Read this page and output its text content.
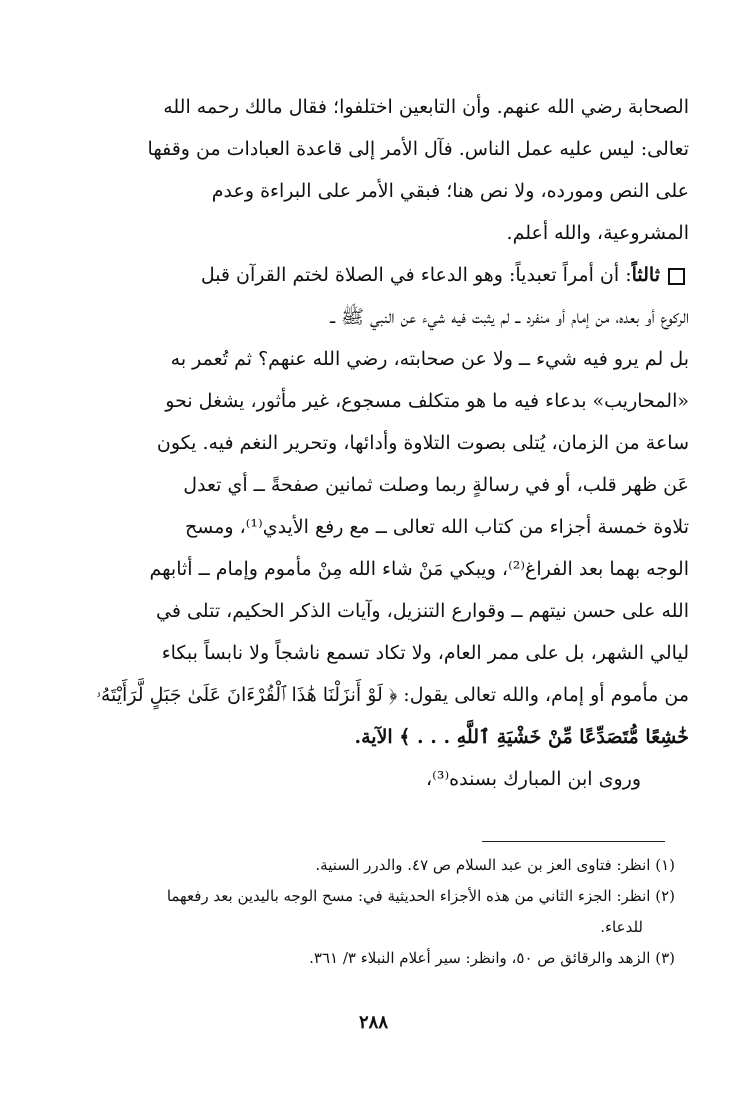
الصحابة رضي الله عنهم. وأن التابعين اختلفوا؛ فقال مالك رحمه الله
تعالى: ليس عليه عمل الناس. فآل الأمر إلى قاعدة العبادات من وقفها
على النص ومورده، ولا نص هنا؛ فبقي الأمر على البراءة وعدم
المشروعية، والله أعلم.
ثالثاً: أن أمراً تعبدياً: وهو الدعاء في الصلاة لختم القرآن قبل
الركوع أو بعده، من إمام أو منفرد ــ لم يثبت فيه شيء عن النبي ﷺ ــ
بل لم يرو فيه شيء ــ ولا عن صحابته، رضي الله عنهم؟ ثم تُعمر به
«المحاريب» بدعاء فيه ما هو متكلف مسجوع، غير مأثور، يشغل نحو
ساعة من الزمان، يُتلى بصوت التلاوة وأدائها، وتحرير النغم فيه. يكون
عَن ظهر قلب، أو في رسالةٍ ربما وصلت ثمانين صفحةً ــ أي تعدل
تلاوة خمسة أجزاء من كتاب الله تعالى ــ مع رفع الأيدي⁽¹⁾، ومسح
الوجه بهما بعد الفراغ⁽²⁾، ويبكي مَنْ شاء الله مِنْ مأموم وإمام ــ أثابهم
الله على حسن نيتهم ــ وقوارع التنزيل، وآيات الذكر الحكيم، تتلى في
ليالي الشهر، بل على ممر العام، ولا تكاد تسمع ناشجاً ولا نابساً ببكاء
من مأموم أو إمام، والله تعالى يقول: ﴿ لَوْ أَنزَلْنَا هَٰذَا ٱلْقُرْءَانَ عَلَىٰ جَبَلٍ لَّرَأَيْتَهُۥ
خَٰشِعًا مُّتَصَدِّعًا مِّنْ خَشْيَةِ ٱللَّهِ . . . ﴾ الآية.
وروى ابن المبارك بسنده⁽³⁾،
(١) انظر: فتاوى العز بن عبد السلام ص ٤٧. والدرر السنية.
(٢) انظر: الجزء الثاني من هذه الأجزاء الحديثية في: مسح الوجه باليدين بعد رفعهما
للدعاء.
(٣) الزهد والرقائق ص ٥٠، وانظر: سير أعلام النبلاء ٣/ ٣٦١.
٢٨٨
